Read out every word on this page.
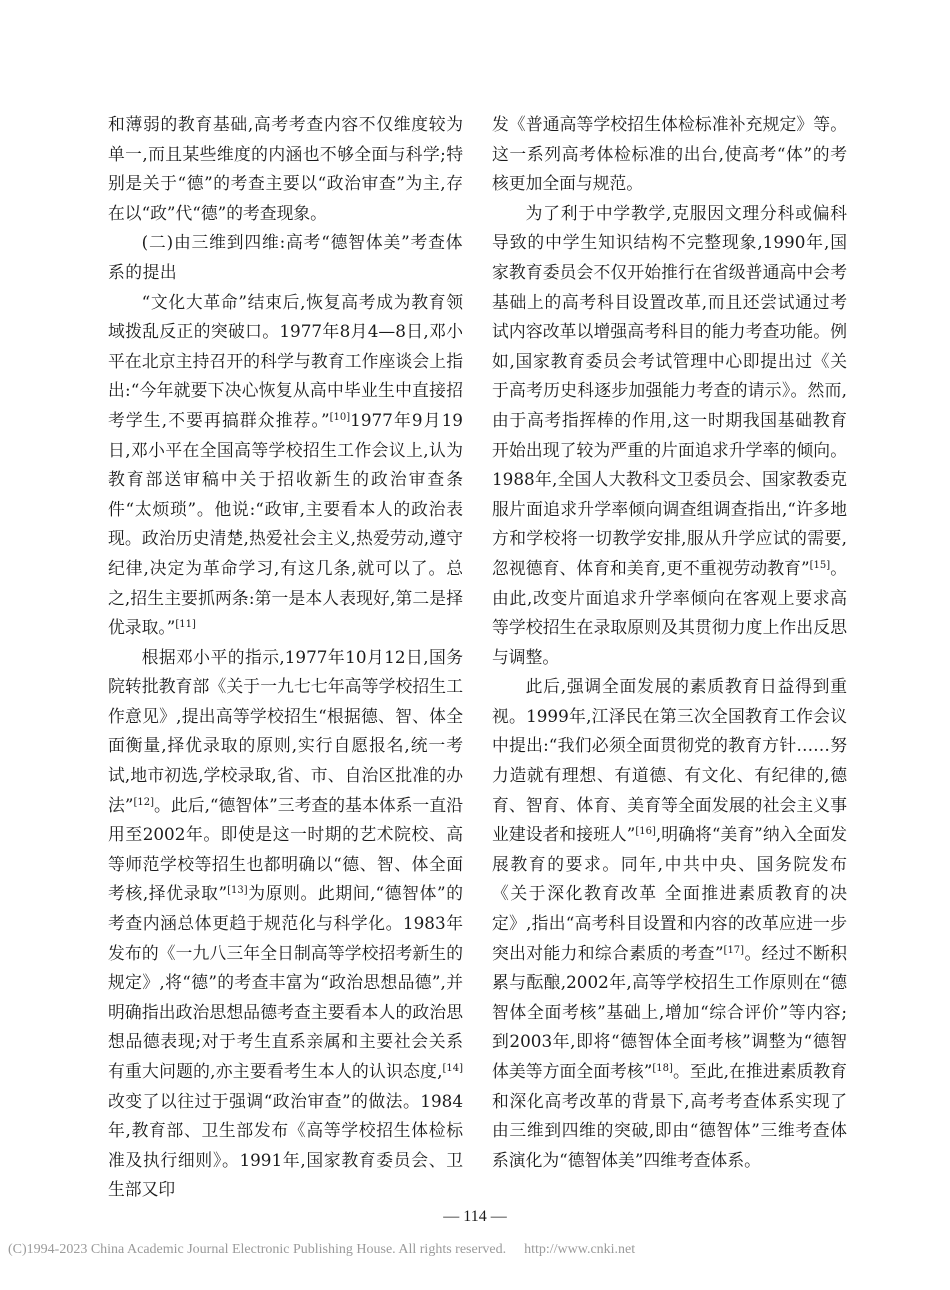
和薄弱的教育基础,高考考查内容不仅维度较为单一,而且某些维度的内涵也不够全面与科学;特别是关于“德”的考查主要以“政治审查”为主,存在以“政”代“德”的考查现象。

(二)由三维到四维:高考“德智体美”考查体系的提出

“文化大革命”结束后,恢复高考成为教育领域拨乱反正的突破口。1977年8月4—8日,邓小平在北京主持召开的科学与教育工作座谈会上指出:“今年就要下决心恢复从高中毕业生中直接招考学生,不要再搞群众推荐。”[10]1977年9月19日,邓小平在全国高等学校招生工作会议上,认为教育部送审稿中关于招收新生的政治审查条件“太烦琐”。他说:“政审,主要看本人的政治表现。政治历史清楚,热爱社会主义,热爱劳动,遵守纪律,决定为革命学习,有这几条,就可以了。总之,招生主要抓两条:第一是本人表现好,第二是择优录取。”[11]

根据邓小平的指示,1977年10月12日,国务院转批教育部《关于一九七七年高等学校招生工作意见》,提出高等学校招生“根据德、智、体全面衡量,择优录取的原则,实行自愿报名,统一考试,地市初选,学校录取,省、市、自治区批准的办法”[12]。此后,“德智体”三考查的基本体系一直沿用至2002年。即使是这一时期的艺术院校、高等师范学校等招生也都明确以“德、智、体全面考核,择优录取”[13]为原则。此期间,“德智体”的考查内涵总体更趋于规范化与科学化。1983年发布的《一九八三年全日制高等学校招考新生的规定》,将“德”的考查丰富为“政治思想品德”,并明确指出政治思想品德考查主要看本人的政治思想品德表现;对于考生直系亲属和主要社会关系有重大问题的,亦主要看考生本人的认识态度,[14]改变了以往过于强调“政治审查”的做法。1984年,教育部、卫生部发布《高等学校招生体检标准及执行细则》。1991年,国家教育委员会、卫生部又印

发《普通高等学校招生体检标准补充规定》等。这一系列高考体检标准的出台,使高考“体”的考核更加全面与规范。

为了利于中学教学,克服因文理分科或偏科导致的中学生知识结构不完整现象,1990年,国家教育委员会不仅开始推行在省级普通高中会考基础上的高考科目设置改革,而且还尝试通过考试内容改革以增强高考科目的能力考查功能。例如,国家教育委员会考试管理中心即提出过《关于高考历史科逐步加强能力考查的请示》。然而,由于高考指挥棒的作用,这一时期我国基础教育开始出现了较为严重的片面追求升学率的倾向。1988年,全国人大教科文卫委员会、国家教委克服片面追求升学率倾向调查组调查指出,“许多地方和学校将一切教学安排,服从升学应试的需要,忽视德育、体育和美育,更不重视劳动教育”[15]。由此,改变片面追求升学率倾向在客观上要求高等学校招生在录取原则及其贯彻力度上作出反思与调整。

此后,强调全面发展的素质教育日益得到重视。1999年,江泽民在第三次全国教育工作会议中提出:“我们必须全面贯彻党的教育方针……努力造就有理想、有道德、有文化、有纪律的,德育、智育、体育、美育等全面发展的社会主义事业建设者和接班人”[16],明确将“美育”纳入全面发展教育的要求。同年,中共中央、国务院发布《关于深化教育改革 全面推进素质教育的决定》,指出“高考科目设置和内容的改革应进一步突出对能力和综合素质的考查”[17]。经过不断积累与酝酿,2002年,高等学校招生工作原则在“德智体全面考核”基础上,增加“综合评价”等内容;到2003年,即将“德智体全面考核”调整为“德智体美等方面全面考核”[18]。至此,在推进素质教育和深化高考改革的背景下,高考考查体系实现了由三维到四维的突破,即由“德智体”三维考查体系演化为“德智体美”四维考查体系。

— 114 —
(C)1994-2023 China Academic Journal Electronic Publishing House. All rights reserved. http://www.cnki.net
